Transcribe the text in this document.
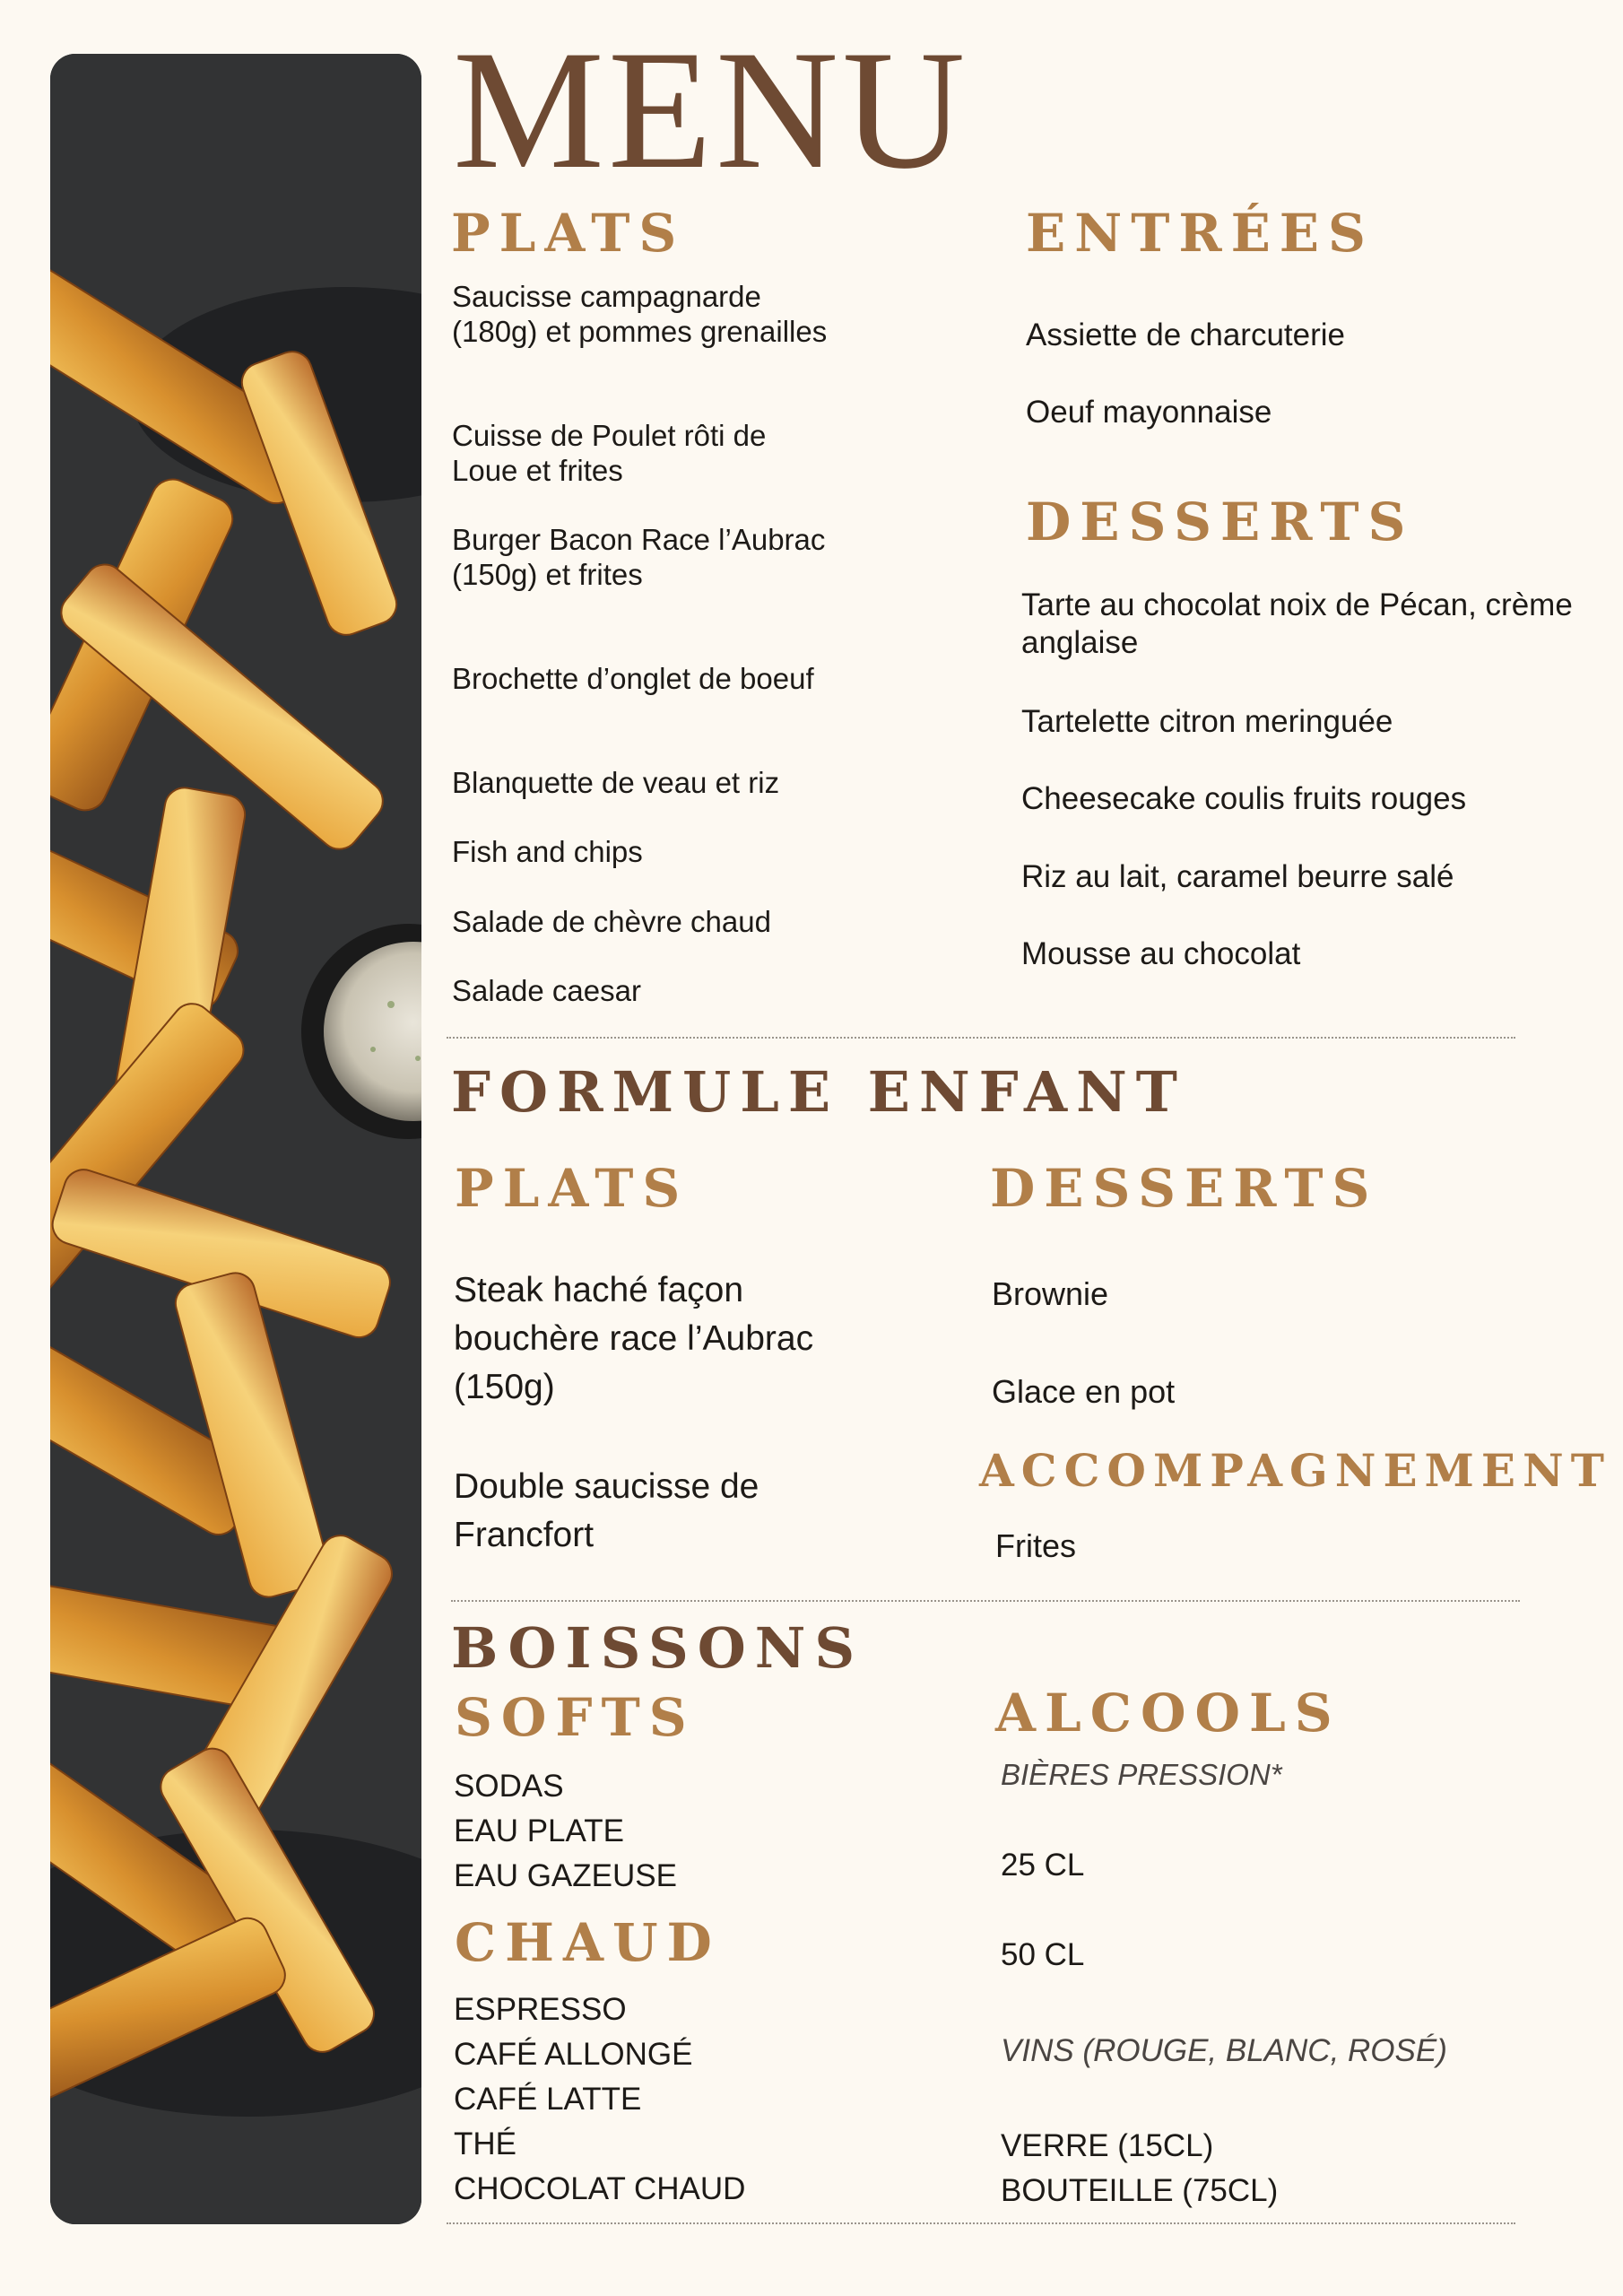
MENU
PLATS
Saucisse campagnarde (180g) et pommes grenailles
Cuisse de Poulet rôti de Loue et frites
Burger Bacon Race l’Aubrac (150g) et frites
Brochette d’onglet de boeuf
Blanquette de veau et riz
Fish and chips
Salade de chèvre chaud
Salade caesar
ENTRÉES
Assiette de charcuterie
Oeuf mayonnaise
DESSERTS
Tarte au chocolat noix de Pécan, crème anglaise
Tartelette citron meringuée
Cheesecake coulis fruits rouges
Riz au lait, caramel beurre salé
Mousse au chocolat
FORMULE ENFANT
PLATS	DESSERTS
Steak haché façon bouchère race l’Aubrac (150g)
Double saucisse de Francfort
Brownie
Glace en pot
ACCOMPAGNEMENT
Frites
BOISSONS
SOFTS
SODAS
EAU PLATE
EAU GAZEUSE
CHAUD
ESPRESSO
CAFÉ ALLONGÉ
CAFÉ LATTE
THÉ
CHOCOLAT CHAUD
ALCOOLS
BIÈRES PRESSION*
25 CL
50 CL
VINS (ROUGE, BLANC, ROSÉ)
VERRE (15CL)
BOUTEILLE (75CL)
